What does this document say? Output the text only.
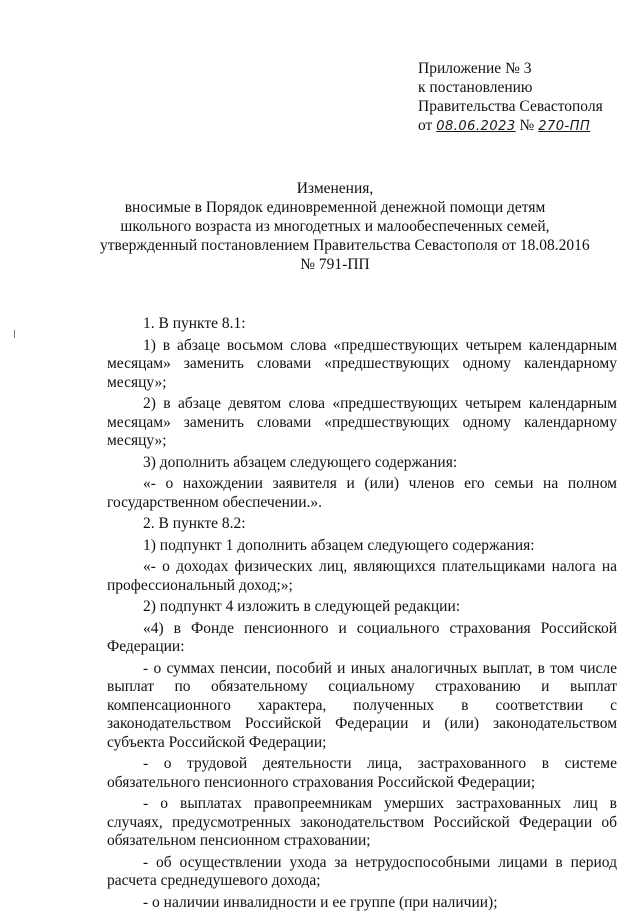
Приложение № 3
к постановлению
Правительства Севастополя
от 08.06.2023 № 270-ПП
Изменения,
вносимые в Порядок единовременной денежной помощи детям
школьного возраста из многодетных и малообеспеченных семей,
утвержденный постановлением Правительства Севастополя от 18.08.2016
№ 791-ПП

1. В пункте 8.1:

1) в абзаце восьмом слова «предшествующих четырем календарным месяцам» заменить словами «предшествующих одному календарному месяцу»;

2) в абзаце девятом слова «предшествующих четырем календарным месяцам» заменить словами «предшествующих одному календарному месяцу»;

3) дополнить абзацем следующего содержания:

«- о нахождении заявителя и (или) членов его семьи на полном государственном обеспечении.».

2. В пункте 8.2:

1) подпункт 1 дополнить абзацем следующего содержания:

«- о доходах физических лиц, являющихся плательщиками налога на профессиональный доход;»;

2) подпункт 4 изложить в следующей редакции:

«4) в Фонде пенсионного и социального страхования Российской Федерации:

- о суммах пенсии, пособий и иных аналогичных выплат, в том числе выплат по обязательному социальному страхованию и выплат компенсационного характера, полученных в соответствии с законодательством Российской Федерации и (или) законодательством субъекта Российской Федерации;

- о трудовой деятельности лица, застрахованного в системе обязательного пенсионного страхования Российской Федерации;

- о выплатах правопреемникам умерших застрахованных лиц в случаях, предусмотренных законодательством Российской Федерации об обязательном пенсионном страховании;

- об осуществлении ухода за нетрудоспособными лицами в период расчета среднедушевого дохода;

- о наличии инвалидности и ее группе (при наличии);
